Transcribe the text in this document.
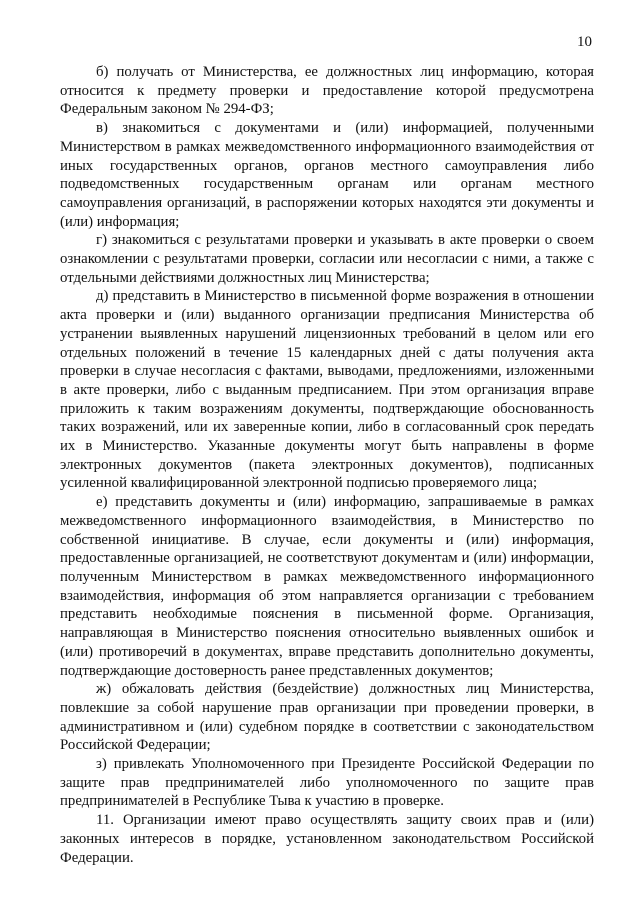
10

б) получать от Министерства, ее должностных лиц информацию, которая относится к предмету проверки и предоставление которой предусмотрена Федеральным законом № 294-ФЗ;

в) знакомиться с документами и (или) информацией, полученными Министерством в рамках межведомственного информационного взаимодействия от иных государственных органов, органов местного самоуправления либо подведомственных государственным органам или органам местного самоуправления организаций, в распоряжении которых находятся эти документы и (или) информация;

г) знакомиться с результатами проверки и указывать в акте проверки о своем ознакомлении с результатами проверки, согласии или несогласии с ними, а также с отдельными действиями должностных лиц Министерства;

д) представить в Министерство в письменной форме возражения в отношении акта проверки и (или) выданного организации предписания Министерства об устранении выявленных нарушений лицензионных требований в целом или его отдельных положений в течение 15 календарных дней с даты получения акта проверки в случае несогласия с фактами, выводами, предложениями, изложенными в акте проверки, либо с выданным предписанием. При этом организация вправе приложить к таким возражениям документы, подтверждающие обоснованность таких возражений, или их заверенные копии, либо в согласованный срок передать их в Министерство. Указанные документы могут быть направлены в форме электронных документов (пакета электронных документов), подписанных усиленной квалифицированной электронной подписью проверяемого лица;

е) представить документы и (или) информацию, запрашиваемые в рамках межведомственного информационного взаимодействия, в Министерство по собственной инициативе. В случае, если документы и (или) информация, предоставленные организацией, не соответствуют документам и (или) информации, полученным Министерством в рамках межведомственного информационного взаимодействия, информация об этом направляется организации с требованием представить необходимые пояснения в письменной форме. Организация, направляющая в Министерство пояснения относительно выявленных ошибок и (или) противоречий в документах, вправе представить дополнительно документы, подтверждающие достоверность ранее представленных документов;

ж) обжаловать действия (бездействие) должностных лиц Министерства, повлекшие за собой нарушение прав организации при проведении проверки, в административном и (или) судебном порядке в соответствии с законодательством Российской Федерации;

з) привлекать Уполномоченного при Президенте Российской Федерации по защите прав предпринимателей либо уполномоченного по защите прав предпринимателей в Республике Тыва к участию в проверке.

11. Организации имеют право осуществлять защиту своих прав и (или) законных интересов в порядке, установленном законодательством Российской Федерации.
